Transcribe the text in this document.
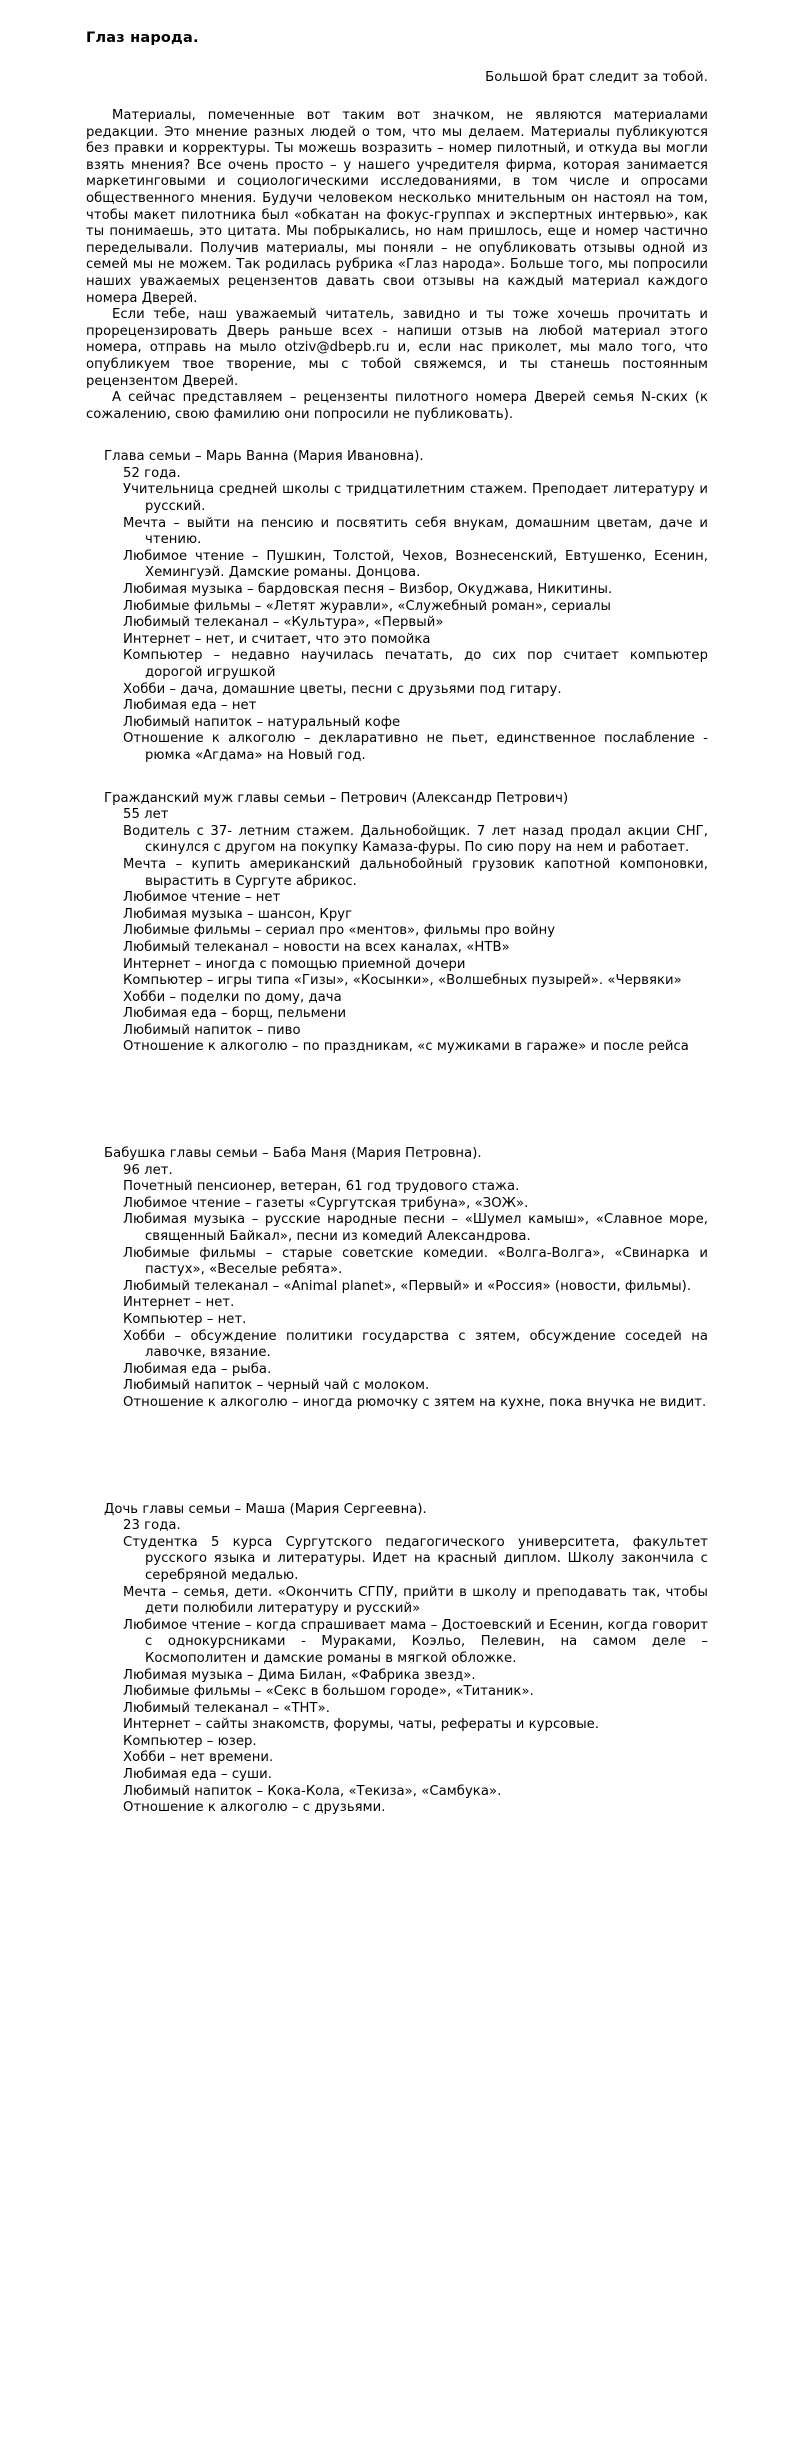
Глаз народа.
Большой брат следит за тобой.

Материалы, помеченные вот таким вот значком, не являются материалами редакции. Это мнение разных людей о том, что мы делаем. Материалы публикуются без правки и корректуры. Ты можешь возразить – номер пилотный, и откуда вы могли взять мнения? Все очень просто – у нашего учредителя фирма, которая занимается маркетинговыми и социологическими исследованиями, в том числе и опросами общественного мнения. Будучи человеком несколько мнительным он настоял на том, чтобы макет пилотника был «обкатан на фокус-группах и экспертных интервью», как ты понимаешь, это цитата. Мы побрыкались, но нам пришлось, еще и номер частично переделывали. Получив материалы, мы поняли – не опубликовать отзывы одной из семей мы не можем. Так родилась рубрика «Глаз народа». Больше того, мы попросили наших уважаемых рецензентов давать свои отзывы на каждый материал каждого номера Дверей.

Если тебе, наш уважаемый читатель, завидно и ты тоже хочешь прочитать и прорецензировать Дверь раньше всех - напиши отзыв на любой материал этого номера, отправь на мыло otziv@dbepb.ru и, если нас приколет, мы мало того, что опубликуем твое творение, мы с тобой свяжемся, и ты станешь постоянным рецензентом Дверей.

А сейчас представляем – рецензенты пилотного номера Дверей семья N-ских (к сожалению, свою фамилию они попросили не публиковать).

Глава семьи – Марь Ванна (Мария Ивановна).
52 года.
Учительница средней школы с тридцатилетним стажем. Преподает литературу и русский.
Мечта – выйти на пенсию и посвятить себя внукам, домашним цветам, даче и чтению.
Любимое чтение – Пушкин, Толстой, Чехов, Вознесенский, Евтушенко, Есенин, Хемингуэй. Дамские романы. Донцова.
Любимая музыка – бардовская песня – Визбор, Окуджава, Никитины.
Любимые фильмы – «Летят журавли», «Служебный роман», сериалы
Любимый телеканал – «Культура», «Первый»
Интернет – нет, и считает, что это помойка
Компьютер – недавно научилась печатать, до сих пор считает компьютер дорогой игрушкой
Хобби – дача, домашние цветы, песни с друзьями под гитару.
Любимая еда – нет
Любимый напиток – натуральный кофе
Отношение к алкоголю – декларативно не пьет, единственное послабление - рюмка «Агдама» на Новый год.
Гражданский муж главы семьи – Петрович (Александр Петрович)
55 лет
Водитель с 37- летним стажем. Дальнобойщик. 7 лет назад продал акции СНГ, скинулся с другом на покупку Камаза-фуры. По сию пору на нем и работает.
Мечта – купить американский дальнобойный грузовик капотной компоновки, вырастить в Сургуте абрикос.
Любимое чтение – нет
Любимая музыка – шансон, Круг
Любимые фильмы – сериал про «ментов», фильмы про войну
Любимый телеканал – новости на всех каналах, «НТВ»
Интернет – иногда с помощью приемной дочери
Компьютер – игры типа «Гизы», «Косынки», «Волшебных пузырей». «Червяки»
Хобби – поделки по дому, дача
Любимая еда – борщ, пельмени
Любимый напиток – пиво
Отношение к алкоголю – по праздникам, «с мужиками в гараже» и после рейса
Бабушка главы семьи – Баба Маня (Мария Петровна).
96 лет.
Почетный пенсионер, ветеран, 61 год трудового стажа.
Любимое чтение – газеты «Сургутская трибуна», «ЗОЖ».
Любимая музыка – русские народные песни – «Шумел камыш», «Славное море, священный Байкал», песни из комедий Александрова.
Любимые фильмы – старые советские комедии. «Волга-Волга», «Свинарка и пастух», «Веселые ребята».
Любимый телеканал – «Animal planet», «Первый» и «Россия» (новости, фильмы).
Интернет – нет.
Компьютер – нет.
Хобби – обсуждение политики государства с зятем, обсуждение соседей на лавочке, вязание.
Любимая еда – рыба.
Любимый напиток – черный чай с молоком.
Отношение к алкоголю – иногда рюмочку с зятем на кухне, пока внучка не видит.
Дочь главы семьи – Маша (Мария Сергеевна).
23 года.
Студентка 5 курса Сургутского педагогического университета, факультет русского языка и литературы. Идет на красный диплом. Школу закончила с серебряной медалью.
Мечта – семья, дети. «Окончить СГПУ, прийти в школу и преподавать так, чтобы дети полюбили литературу и русский»
Любимое чтение – когда спрашивает мама – Достоевский и Есенин, когда говорит с однокурсниками - Мураками, Коэльо, Пелевин, на самом деле – Космополитен и дамские романы в мягкой обложке.
Любимая музыка – Дима Билан, «Фабрика звезд».
Любимые фильмы – «Секс в большом городе», «Титаник».
Любимый телеканал – «ТНТ».
Интернет – сайты знакомств, форумы, чаты, рефераты и курсовые.
Компьютер – юзер.
Хобби – нет времени.
Любимая еда – суши.
Любимый напиток – Кока-Кола, «Текиза», «Самбука».
Отношение к алкоголю – с друзьями.
